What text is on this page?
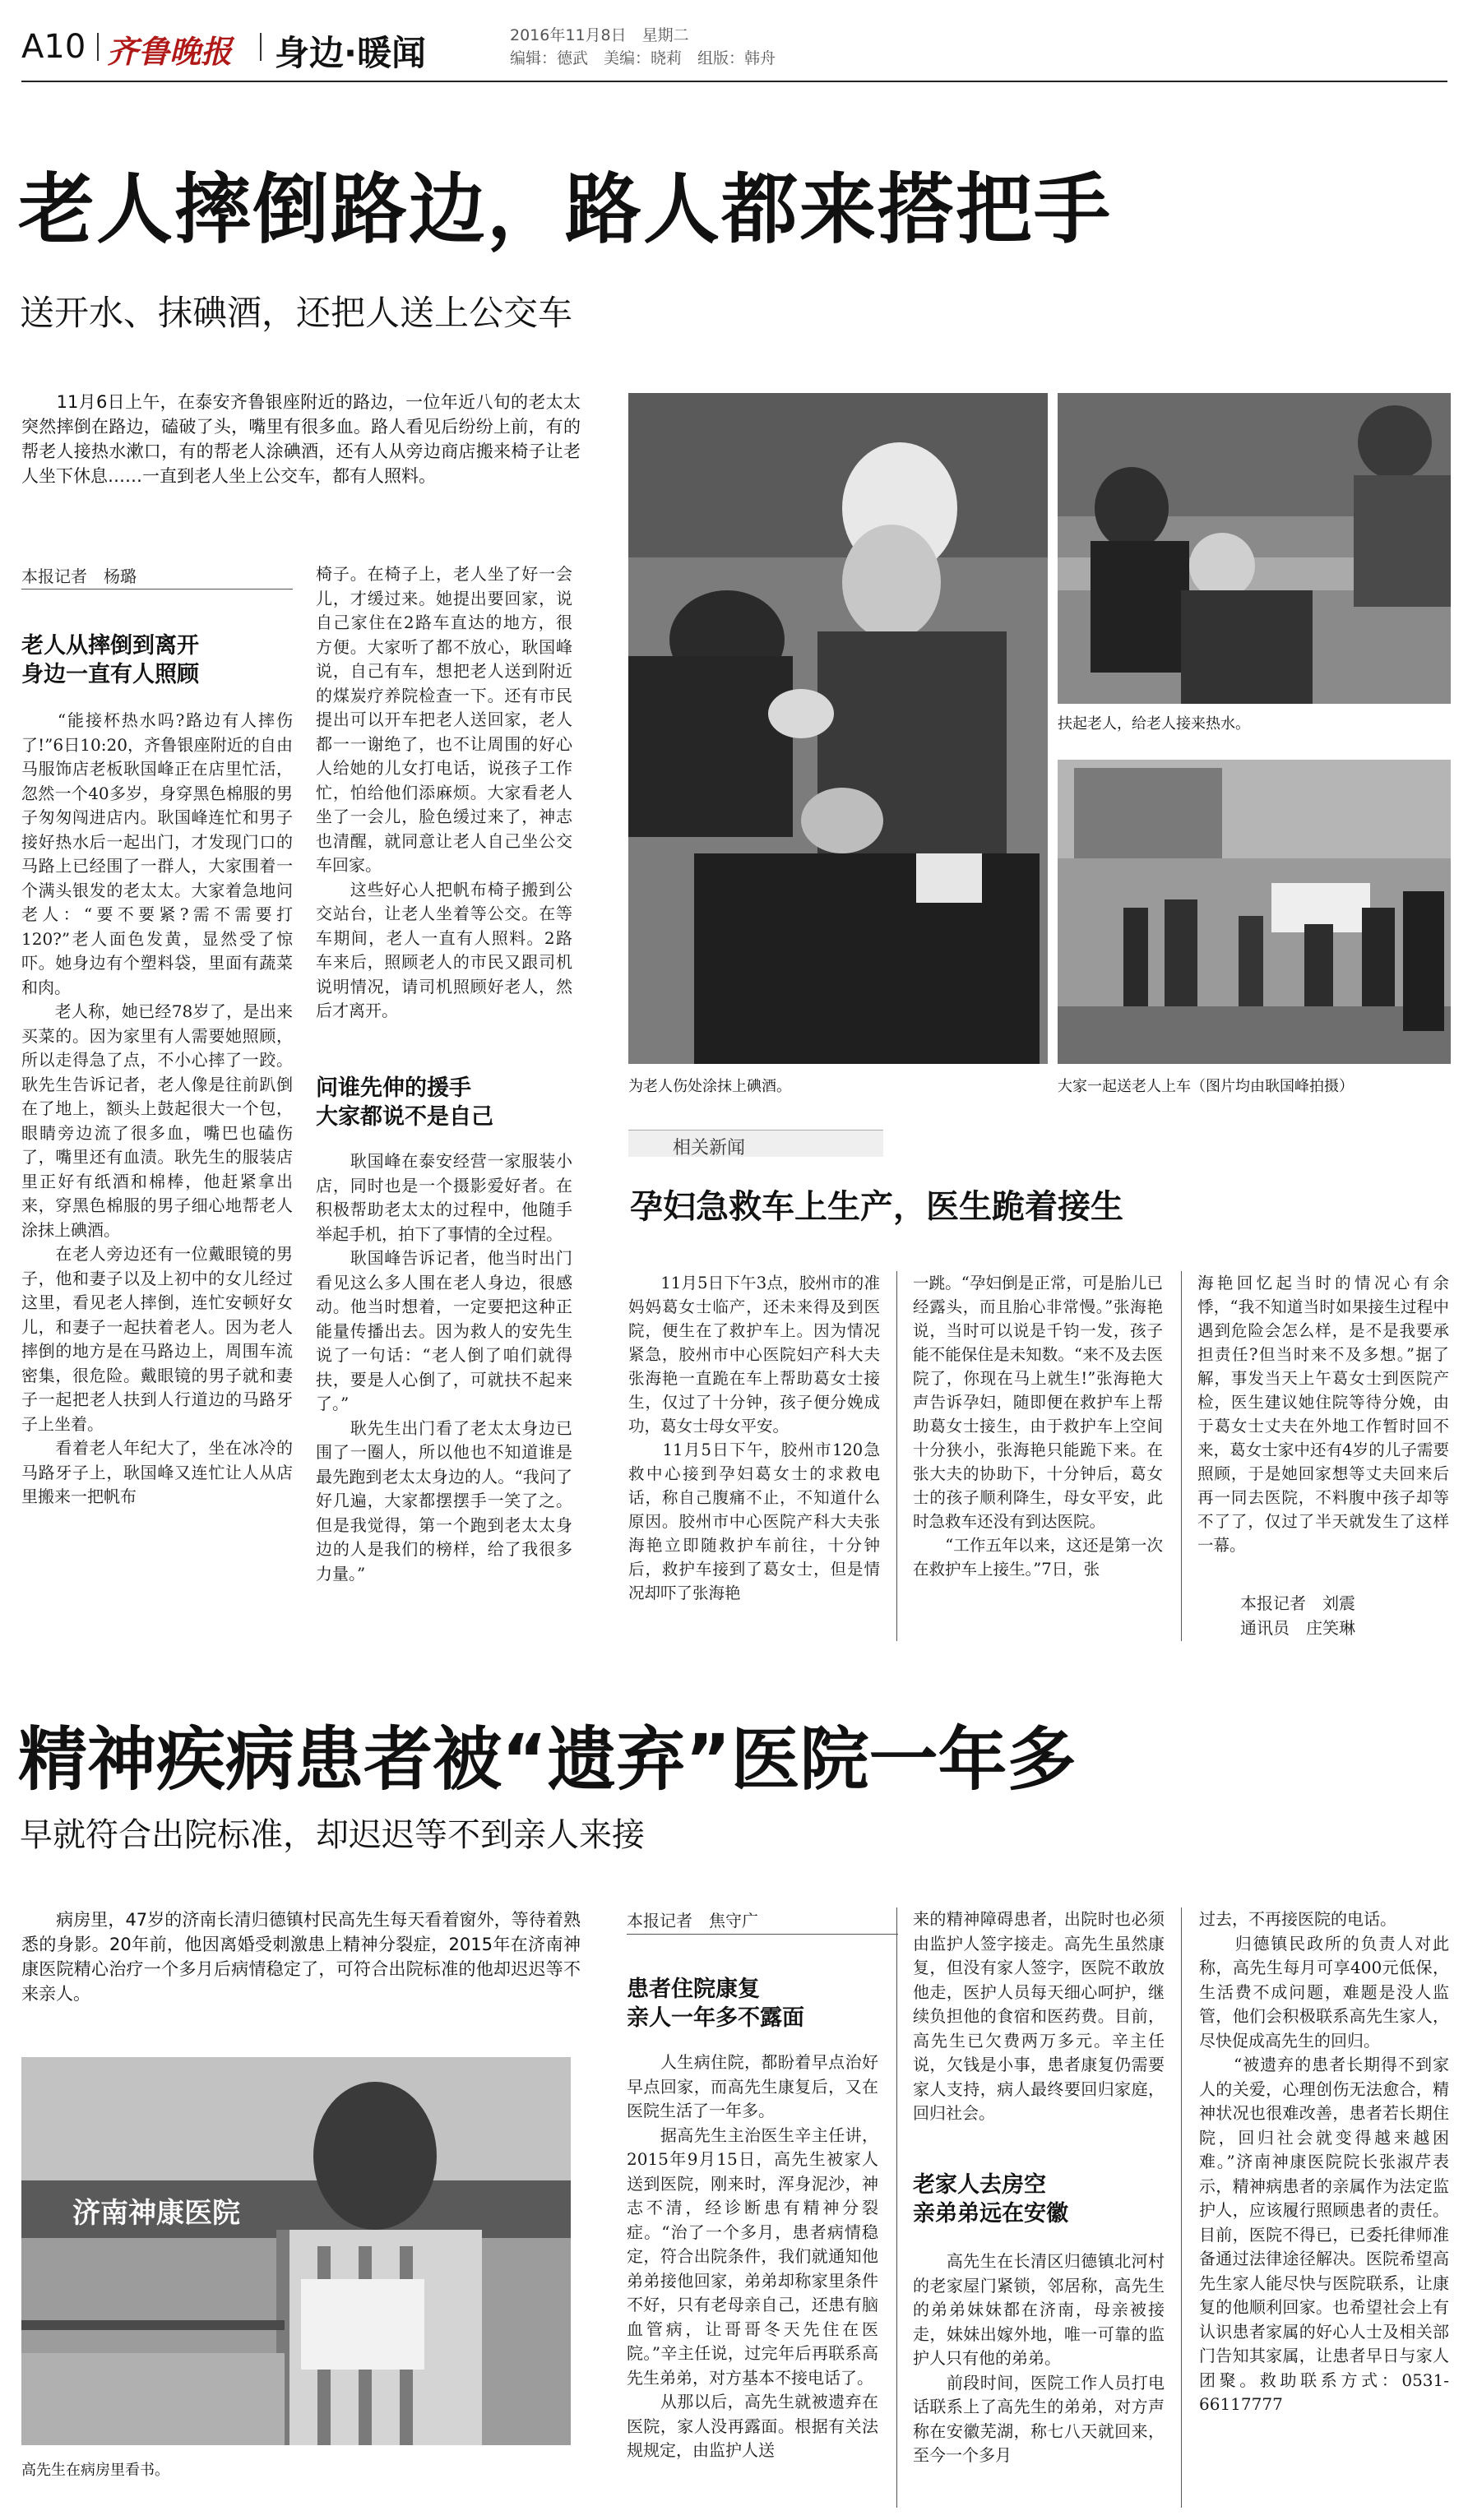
A10 齐鲁晚报 身边·暖闻	2016年11月8日　星期二
编辑：德武　美编：晓莉　组版：韩舟
老人摔倒路边，路人都来搭把手
送开水、抹碘酒，还把人送上公交车

　　11月6日上午，在泰安齐鲁银座附近的路边，一位年近八旬的老太太突然摔倒在路边，磕破了头，嘴里有很多血。路人看见后纷纷上前，有的帮老人接热水漱口，有的帮老人涂碘酒，还有人从旁边商店搬来椅子让老人坐下休息……一直到老人坐上公交车，都有人照料。

本报记者　杨璐

老人从摔倒到离开
身边一直有人照顾

　　“能接杯热水吗?路边有人摔伤了!”6日10:20，齐鲁银座附近的自由马服饰店老板耿国峰正在店里忙活，忽然一个40多岁，身穿黑色棉服的男子匆匆闯进店内。耿国峰连忙和男子接好热水后一起出门，才发现门口的马路上已经围了一群人，大家围着一个满头银发的老太太。大家着急地问老人：“要不要紧?需不需要打120?”老人面色发黄，显然受了惊吓。她身边有个塑料袋，里面有蔬菜和肉。
　　老人称，她已经78岁了，是出来买菜的。因为家里有人需要她照顾，所以走得急了点，不小心摔了一跤。耿先生告诉记者，老人像是往前趴倒在了地上，额头上鼓起很大一个包，眼睛旁边流了很多血，嘴巴也磕伤了，嘴里还有血渍。耿先生的服装店里正好有纸酒和棉棒，他赶紧拿出来，穿黑色棉服的男子细心地帮老人涂抹上碘酒。
　　在老人旁边还有一位戴眼镜的男子，他和妻子以及上初中的女儿经过这里，看见老人摔倒，连忙安顿好女儿，和妻子一起扶着老人。因为老人摔倒的地方是在马路边上，周围车流密集，很危险。戴眼镜的男子就和妻子一起把老人扶到人行道边的马路牙子上坐着。
　　看着老人年纪大了，坐在冰冷的马路牙子上，耿国峰又连忙让人从店里搬来一把帆布

椅子。在椅子上，老人坐了好一会儿，才缓过来。她提出要回家，说自己家住在2路车直达的地方，很方便。大家听了都不放心，耿国峰说，自己有车，想把老人送到附近的煤炭疗养院检查一下。还有市民提出可以开车把老人送回家，老人都一一谢绝了，也不让周围的好心人给她的儿女打电话，说孩子工作忙，怕给他们添麻烦。大家看老人坐了一会儿，脸色缓过来了，神志也清醒，就同意让老人自己坐公交车回家。
　　这些好心人把帆布椅子搬到公交站台，让老人坐着等公交。在等车期间，老人一直有人照料。2路车来后，照顾老人的市民又跟司机说明情况，请司机照顾好老人，然后才离开。

问谁先伸的援手
大家都说不是自己

　　耿国峰在泰安经营一家服装小店，同时也是一个摄影爱好者。在积极帮助老太太的过程中，他随手举起手机，拍下了事情的全过程。
　　耿国峰告诉记者，他当时出门看见这么多人围在老人身边，很感动。他当时想着，一定要把这种正能量传播出去。因为救人的安先生说了一句话：“老人倒了咱们就得扶，要是人心倒了，可就扶不起来了。”
　　耿先生出门看了老太太身边已围了一圈人，所以他也不知道谁是最先跑到老太太身边的人。“我问了好几遍，大家都摆摆手一笑了之。但是我觉得，第一个跑到老太太身边的人是我们的榜样，给了我很多力量。”

为老人伤处涂抹上碘酒。
扶起老人，给老人接来热水。
大家一起送老人上车（图片均由耿国峰拍摄）
相关新闻
孕妇急救车上生产，医生跪着接生

　　11月5日下午3点，胶州市的准妈妈葛女士临产，还未来得及到医院，便生在了救护车上。因为情况紧急，胶州市中心医院妇产科大夫张海艳一直跪在车上帮助葛女士接生，仅过了十分钟，孩子便分娩成功，葛女士母女平安。
　　11月5日下午，胶州市120急救中心接到孕妇葛女士的求救电话，称自己腹痛不止，不知道什么原因。胶州市中心医院产科大夫张海艳立即随救护车前往，十分钟后，救护车接到了葛女士，但是情况却吓了张海艳

一跳。“孕妇倒是正常，可是胎儿已经露头，而且胎心非常慢。”张海艳说，当时可以说是千钧一发，孩子能不能保住是未知数。“来不及去医院了，你现在马上就生!”张海艳大声告诉孕妇，随即便在救护车上帮助葛女士接生，由于救护车上空间十分狭小，张海艳只能跪下来。在张大夫的协助下，十分钟后，葛女士的孩子顺利降生，母女平安，此时急救车还没有到达医院。
　　“工作五年以来，这还是第一次在救护车上接生。”7日，张

海艳回忆起当时的情况心有余悸，“我不知道当时如果接生过程中遇到危险会怎么样，是不是我要承担责任?但当时来不及多想。”据了解，事发当天上午葛女士到医院产检，医生建议她住院等待分娩，由于葛女士丈夫在外地工作暂时回不来，葛女士家中还有4岁的儿子需要照顾，于是她回家想等丈夫回来后再一同去医院，不料腹中孩子却等不了了，仅过了半天就发生了这样一幕。

本报记者　刘震
通讯员　庄笑琳
精神疾病患者被“遗弃”医院一年多
早就符合出院标准，却迟迟等不到亲人来接

　　病房里，47岁的济南长清归德镇村民高先生每天看着窗外，等待着熟悉的身影。20年前，他因离婚受刺激患上精神分裂症，2015年在济南神康医院精心治疗一个多月后病情稳定了，可符合出院标准的他却迟迟等不来亲人。

济南神康医院
高先生在病房里看书。
本报记者　焦守广

患者住院康复
亲人一年多不露面

　　人生病住院，都盼着早点治好早点回家，而高先生康复后，又在医院生活了一年多。
　　据高先生主治医生辛主任讲，2015年9月15日，高先生被家人送到医院，刚来时，浑身泥沙，神志不清，经诊断患有精神分裂症。“治了一个多月，患者病情稳定，符合出院条件，我们就通知他弟弟接他回家，弟弟却称家里条件不好，只有老母亲自己，还患有脑血管病，让哥哥冬天先住在医院。”辛主任说，过完年后再联系高先生弟弟，对方基本不接电话了。
　　从那以后，高先生就被遗弃在医院，家人没再露面。根据有关法规规定，由监护人送

来的精神障碍患者，出院时也必须由监护人签字接走。高先生虽然康复，但没有家人签字，医院不敢放他走，医护人员每天细心呵护，继续负担他的食宿和医药费。目前，高先生已欠费两万多元。辛主任说，欠钱是小事，患者康复仍需要家人支持，病人最终要回归家庭，回归社会。

老家人去房空
亲弟弟远在安徽

　　高先生在长清区归德镇北河村的老家屋门紧锁，邻居称，高先生的弟弟妹妹都在济南，母亲被接走，妹妹出嫁外地，唯一可靠的监护人只有他的弟弟。
　　前段时间，医院工作人员打电话联系上了高先生的弟弟，对方声称在安徽芜湖，称七八天就回来，至今一个多月

过去，不再接医院的电话。
　　归德镇民政所的负责人对此称，高先生每月可享400元低保，生活费不成问题，难题是没人监管，他们会积极联系高先生家人，尽快促成高先生的回归。
　　“被遗弃的患者长期得不到家人的关爱，心理创伤无法愈合，精神状况也很难改善，患者若长期住院，回归社会就变得越来越困难。”济南神康医院院长张淑芹表示，精神病患者的亲属作为法定监护人，应该履行照顾患者的责任。目前，医院不得已，已委托律师准备通过法律途径解决。医院希望高先生家人能尽快与医院联系，让康复的他顺利回家。也希望社会上有认识患者家属的好心人士及相关部门告知其家属，让患者早日与家人团聚。救助联系方式：0531-66117777
